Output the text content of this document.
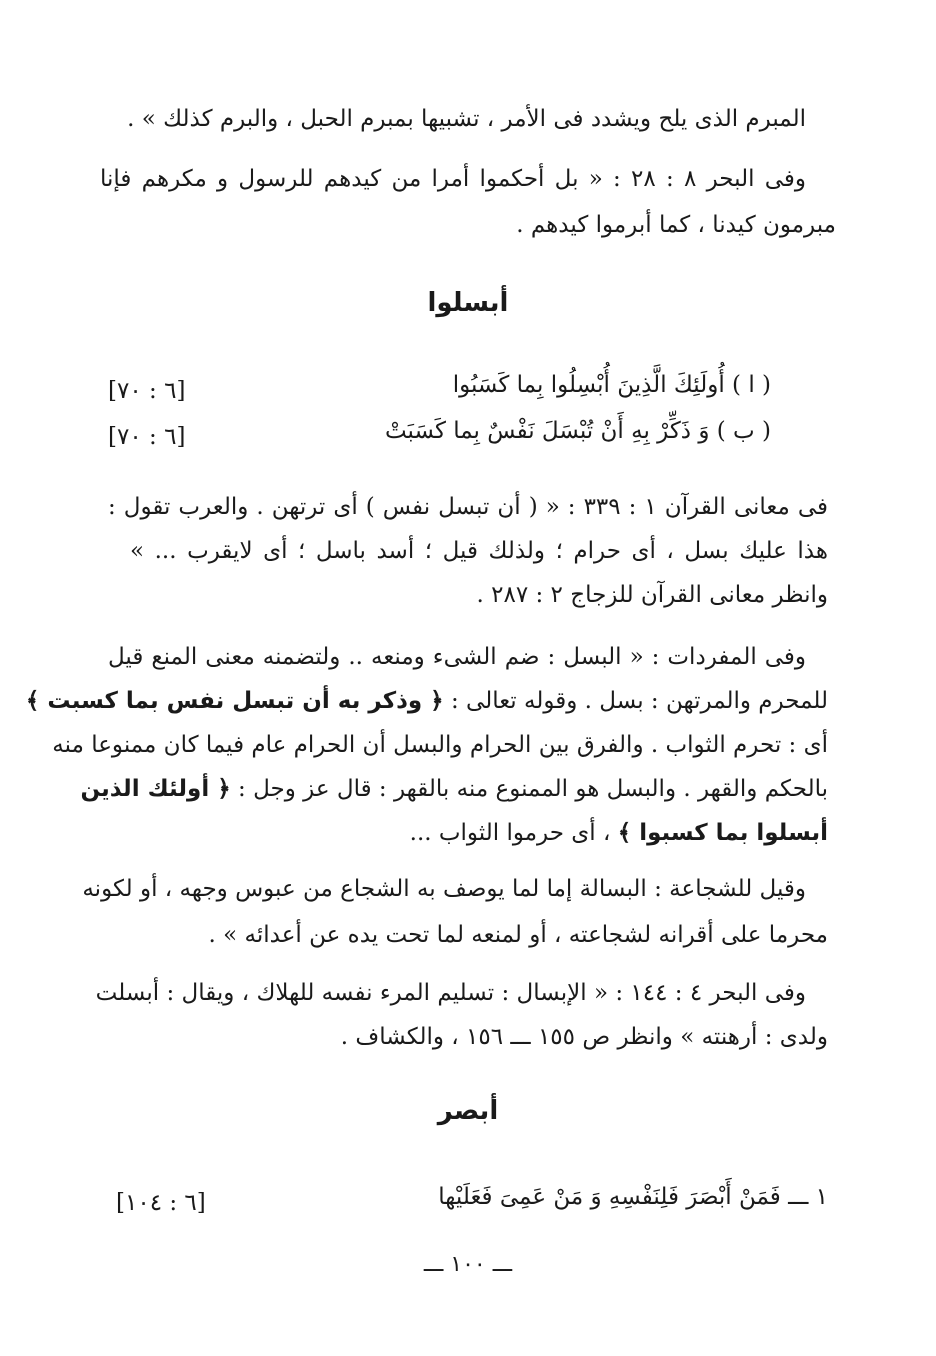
المبرم الذى يلح ويشدد فى الأمر ، تشبيها بمبرم الحبل ، والبرم كذلك » .
وفى البحر ٨ : ٢٨ : « بل أحكموا أمرا من كيدهم للرسول و مكرهم فإنا
مبرمون كيدنا ، كما أبرموا كيدهم .
أبسلوا
( ا ) أُولَئِكَ الَّذِينَ أُبْسِلُوا بِما كَسَبُوا
[٦ : ٧٠]
( ب ) وَ ذَكِّرْ بِهِ أَنْ تُبْسَلَ نَفْسٌ بِما كَسَبَتْ
[٦ : ٧٠]
فى معانى القرآن ١ : ٣٣٩ : « ( أن تبسل نفس ) أى ترتهن . والعرب تقول :
هذا عليك بسل ، أى حرام ؛ ولذلك قيل ؛ أسد باسل ؛ أى لايقرب ... »
وانظر معانى القرآن للزجاج ٢ : ٢٨٧ .
وفى المفردات : « البسل : ضم الشىء ومنعه .. ولتضمنه معنى المنع قيل
للمحرم والمرتهن : بسل . وقوله تعالى : ﴿ وذكر به أن تبسل نفس بما كسبت ﴾
أى : تحرم الثواب . والفرق بين الحرام والبسل أن الحرام عام فيما كان ممنوعا منه
بالحكم والقهر . والبسل هو الممنوع منه بالقهر : قال عز وجل : ﴿ أولئك الذين
أبسلوا بما كسبوا ﴾ ، أى حرموا الثواب ...
وقيل للشجاعة : البسالة إما لما يوصف به الشجاع من عبوس وجهه ، أو لكونه
محرما على أقرانه لشجاعته ، أو لمنعه لما تحت يده عن أعدائه » .
وفى البحر ٤ : ١٤٤ : « الإبسال : تسليم المرء نفسه للهلاك ، ويقال : أبسلت
ولدى : أرهنته » وانظر ص ١٥٥ ـــ ١٥٦ ، والكشاف .
أبصر
١ ـــ فَمَنْ أَبْصَرَ فَلِنَفْسِهِ وَ مَنْ عَمِىَ فَعَلَيْها
[٦ : ١٠٤]
ـــ ١٠٠ ـــ
